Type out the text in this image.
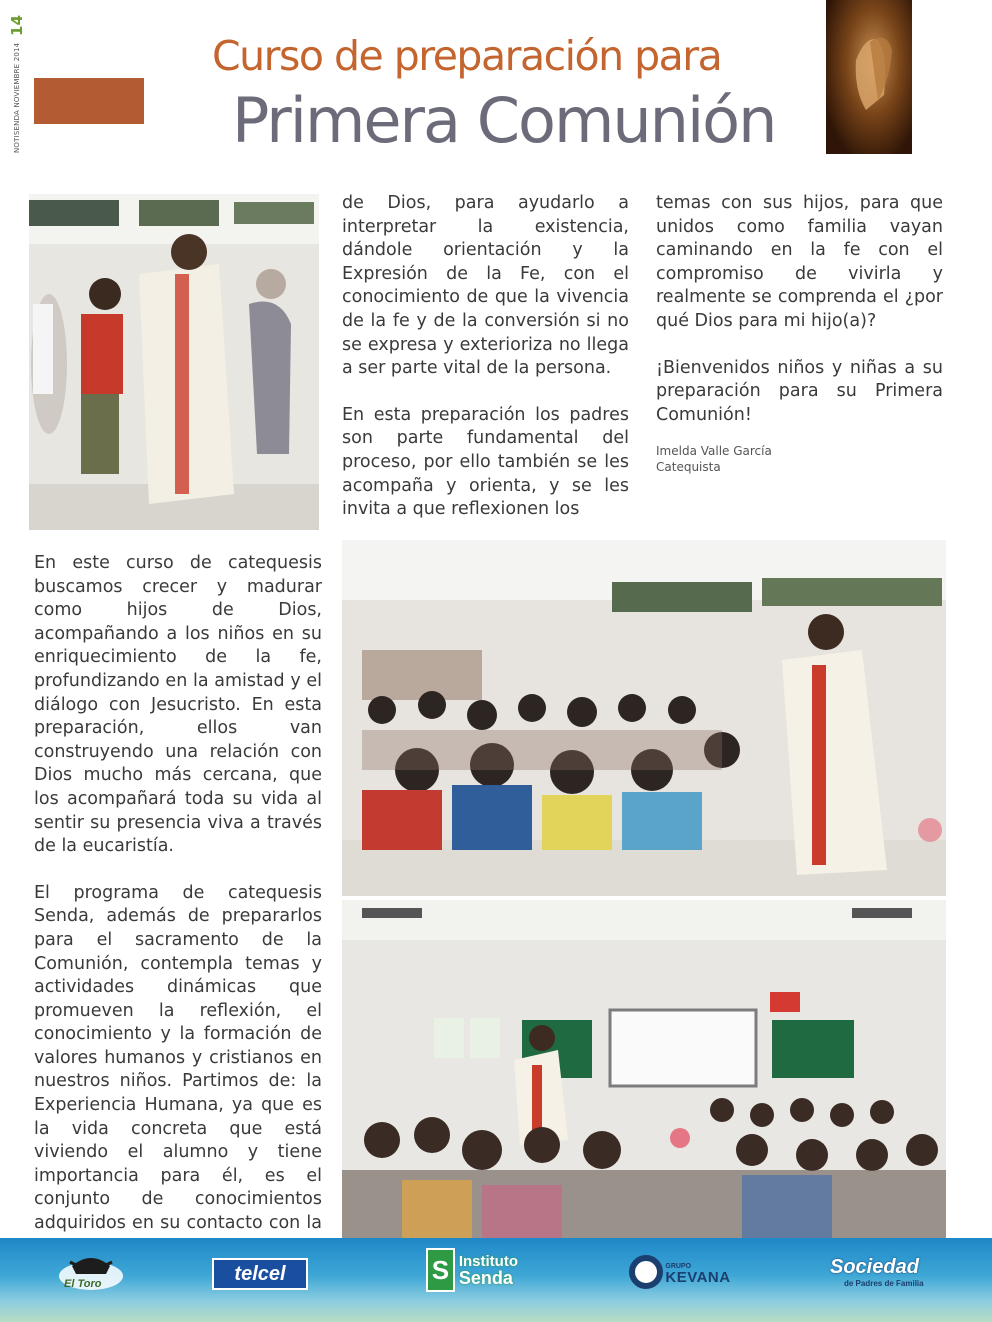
NOTISENDA NOVIEMBRE 2014 14
Curso de preparación para
Primera Comunión

de Dios, para ayudarlo a interpretar la existencia, dándole orientación y la Expresión de la Fe, con el conocimiento de que la vivencia de la fe y de la conversión si no se expresa y exterioriza no llega a ser parte vital de la persona.

En esta preparación los padres son parte fundamental del proceso, por ello también se les acompaña y orienta, y se les invita a que reflexionen los

temas con sus hijos, para que unidos como familia vayan caminando en la fe con el compromiso de vivirla y realmente se comprenda el ¿por qué Dios para mi hijo(a)?

¡Bienvenidos niños y niñas a su preparación para su Primera Comunión!

Imelda Valle García
Catequista

En este curso de catequesis buscamos crecer y madurar como hijos de Dios, acompañando a los niños en su enriquecimiento de la fe, profundizando en la amistad y el diálogo con Jesucristo. En esta preparación, ellos van construyendo una relación con Dios mucho más cercana, que los acompañará toda su vida al sentir su presencia viva a través de la eucaristía.

El programa de catequesis Senda, además de prepararlos para el sacramento de la Comunión, contempla temas y actividades dinámicas que promueven la reflexión, el conocimiento y la formación de valores humanos y cristianos en nuestros niños. Partimos de: la Experiencia Humana, ya que es la vida concreta que está viviendo el alumno y tiene importancia para él, es el conjunto de conocimientos adquiridos en su contacto con la

El Toro	telcel	S Instituto
Senda
GRUPO
KEVANA	Sociedad
de Padres de Familia
